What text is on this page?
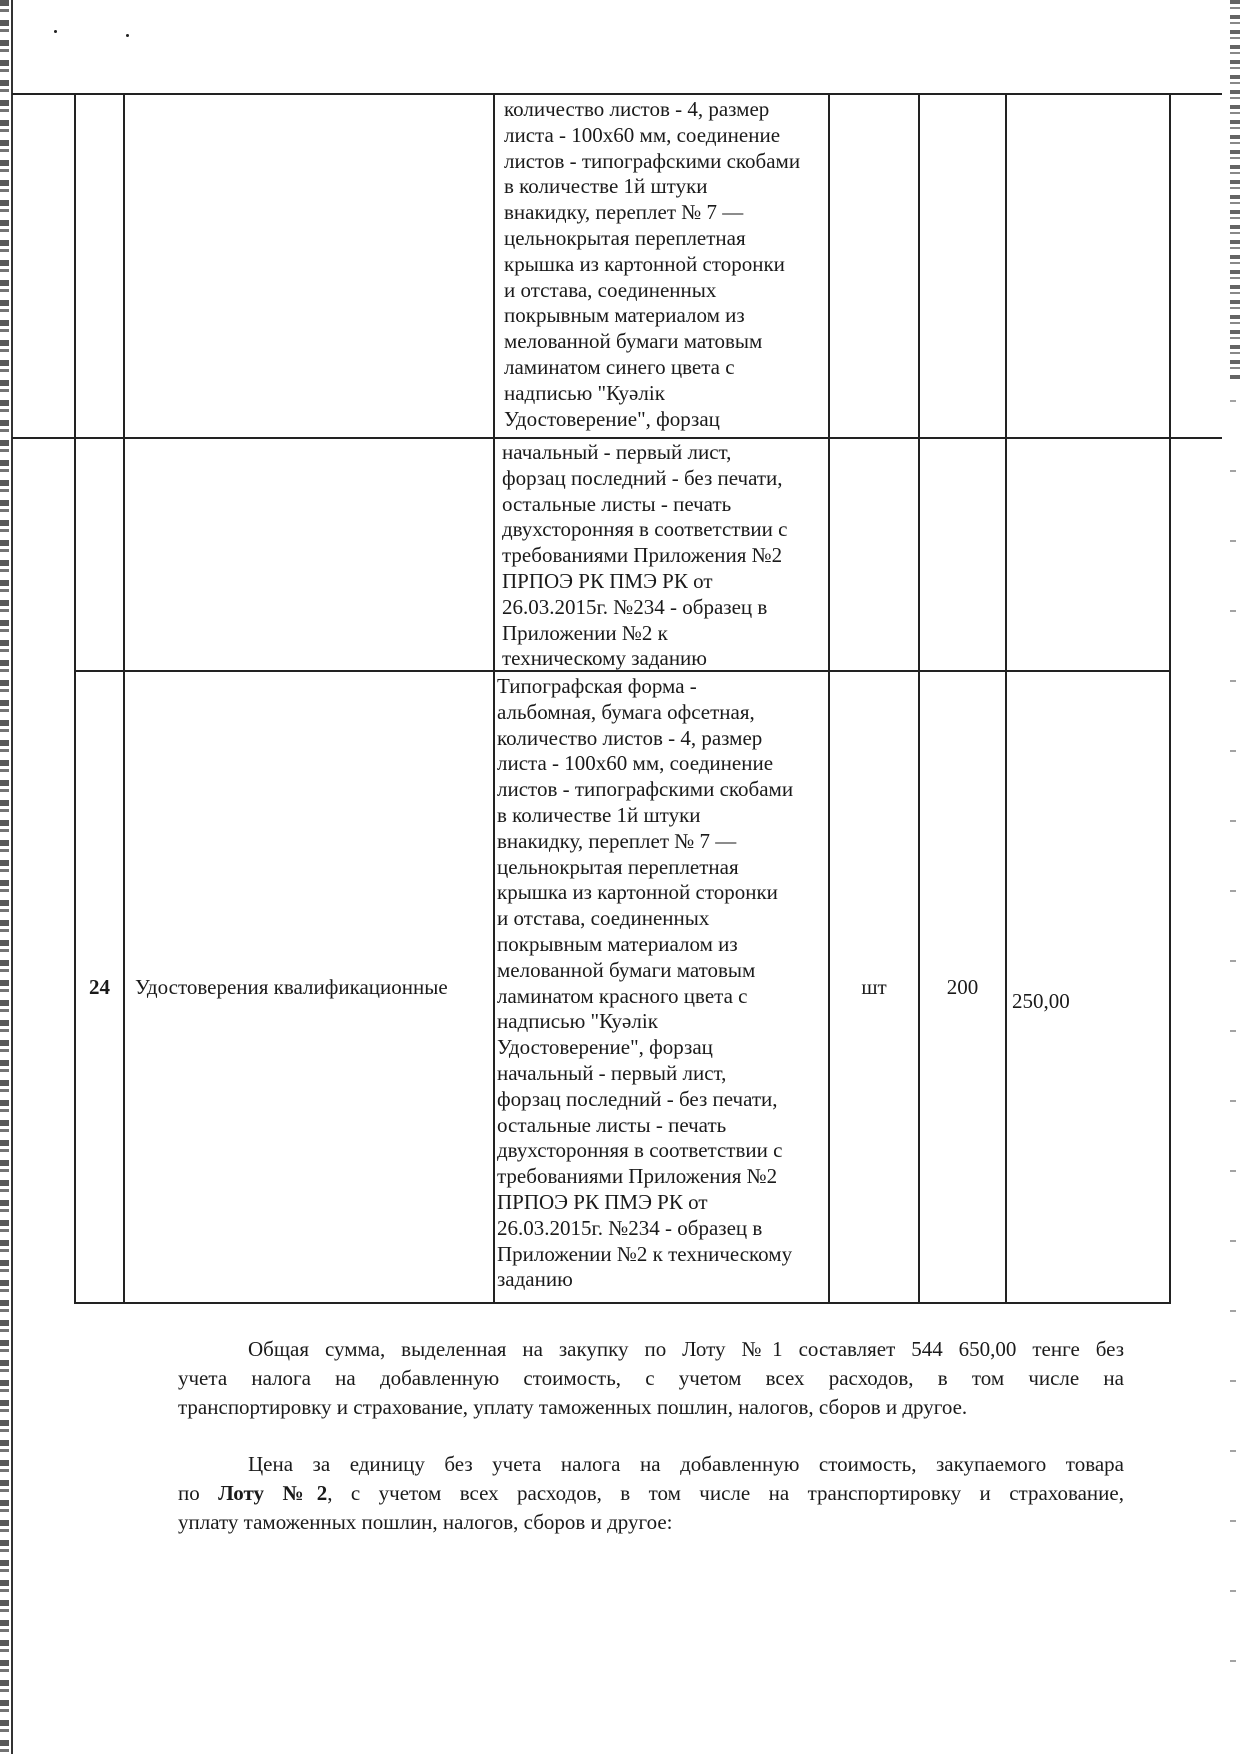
количество листов - 4, размер
листа - 100x60 мм, соединение
листов - типографскими скобами
в количестве 1й штуки
внакидку, переплет № 7 —
цельнокрытая переплетная
крышка из картонной сторонки
и отстава, соединенных
покрывным материалом из
мелованной бумаги матовым
ламинатом синего цвета с
надписью "Куәлік
Удостоверение", форзац
начальный - первый лист,
форзац последний - без печати,
остальные листы - печать
двухсторонняя в соответствии с
требованиями Приложения №2
ПРПОЭ РК ПМЭ РК от
26.03.2015г. №234 - образец в
Приложении №2 к
техническому заданию
24	Удостоверения квалификационные
Типографская форма -
альбомная, бумага офсетная,
количество листов - 4, размер
листа - 100x60 мм, соединение
листов - типографскими скобами
в количестве 1й штуки
внакидку, переплет № 7 —
цельнокрытая переплетная
крышка из картонной сторонки
и отстава, соединенных
покрывным материалом из
мелованной бумаги матовым
ламинатом красного цвета с
надписью "Куәлік
Удостоверение", форзац
начальный - первый лист,
форзац последний - без печати,
остальные листы - печать
двухсторонняя в соответствии с
требованиями Приложения №2
ПРПОЭ РК ПМЭ РК от
26.03.2015г. №234 - образец в
Приложении №2 к техническому
заданию
шт	200
250,00
Общая сумма, выделенная на закупку по Лоту №1 составляет 544 650,00 тенге без
учета налога на добавленную стоимость, с учетом всех расходов, в том числе на
транспортировку и страхование, уплату таможенных пошлин, налогов, сборов и другое.
Цена за единицу без учета налога на добавленную стоимость, закупаемого товара
по Лоту №2, с учетом всех расходов, в том числе на транспортировку и страхование,
уплату таможенных пошлин, налогов, сборов и другое:
